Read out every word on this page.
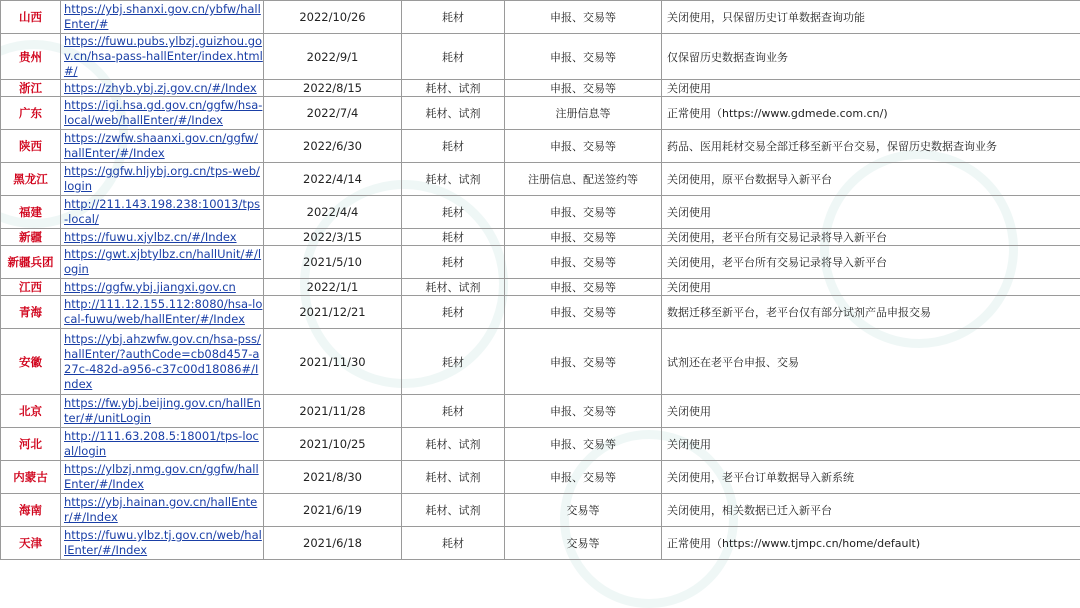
山西	https://ybj.shanxi.gov.cn/ybfw/hallEnter/#	2022/10/26	耗材	申报、交易等	关闭使用，只保留历史订单数据查询功能
贵州	https://fuwu.pubs.ylbzj.guizhou.gov.cn/hsa-pass-hallEnter/index.html#/	2022/9/1	耗材	申报、交易等	仅保留历史数据查询业务
浙江	https://zhyb.ybj.zj.gov.cn/#/Index	2022/8/15	耗材、试剂	申报、交易等	关闭使用
广东	https://igi.hsa.gd.gov.cn/ggfw/hsa-local/web/hallEnter/#/Index	2022/7/4	耗材、试剂	注册信息等	正常使用（https://www.gdmede.com.cn/)
陕西	https://zwfw.shaanxi.gov.cn/ggfw/hallEnter/#/Index	2022/6/30	耗材	申报、交易等	药品、医用耗材交易全部迁移至新平台交易，保留历史数据查询业务
黑龙江	https://ggfw.hljybj.org.cn/tps-web/login	2022/4/14	耗材、试剂	注册信息、配送签约等	关闭使用，原平台数据导入新平台
福建	http://211.143.198.238:10013/tps-local/	2022/4/4	耗材	申报、交易等	关闭使用
新疆	https://fuwu.xjylbz.cn/#/Index	2022/3/15	耗材	申报、交易等	关闭使用，老平台所有交易记录将导入新平台
新疆兵团	https://gwt.xjbtylbz.cn/hallUnit/#/login	2021/5/10	耗材	申报、交易等	关闭使用，老平台所有交易记录将导入新平台
江西	https://ggfw.ybj.jiangxi.gov.cn	2022/1/1	耗材、试剂	申报、交易等	关闭使用
青海	http://111.12.155.112:8080/hsa-local-fuwu/web/hallEnter/#/Index	2021/12/21	耗材	申报、交易等	数据迁移至新平台，老平台仅有部分试剂产品申报交易
安徽	https://ybj.ahzwfw.gov.cn/hsa-pss/hallEnter/?authCode=cb08d457-a27c-482d-a956-c37c00d18086#/Index	2021/11/30	耗材	申报、交易等	试剂还在老平台申报、交易
北京	https://fw.ybj.beijing.gov.cn/hallEnter/#/unitLogin	2021/11/28	耗材	申报、交易等	关闭使用
河北	http://111.63.208.5:18001/tps-local/login	2021/10/25	耗材、试剂	申报、交易等	关闭使用
内蒙古	https://ylbzj.nmg.gov.cn/ggfw/hallEnter/#/Index	2021/8/30	耗材、试剂	申报、交易等	关闭使用，老平台订单数据导入新系统
海南	https://ybj.hainan.gov.cn/hallEnter/#/Index	2021/6/19	耗材、试剂	交易等	关闭使用，相关数据已迁入新平台
天津	https://fuwu.ylbz.tj.gov.cn/web/hallEnter/#/Index	2021/6/18	耗材	交易等	正常使用（https://www.tjmpc.cn/home/default)
